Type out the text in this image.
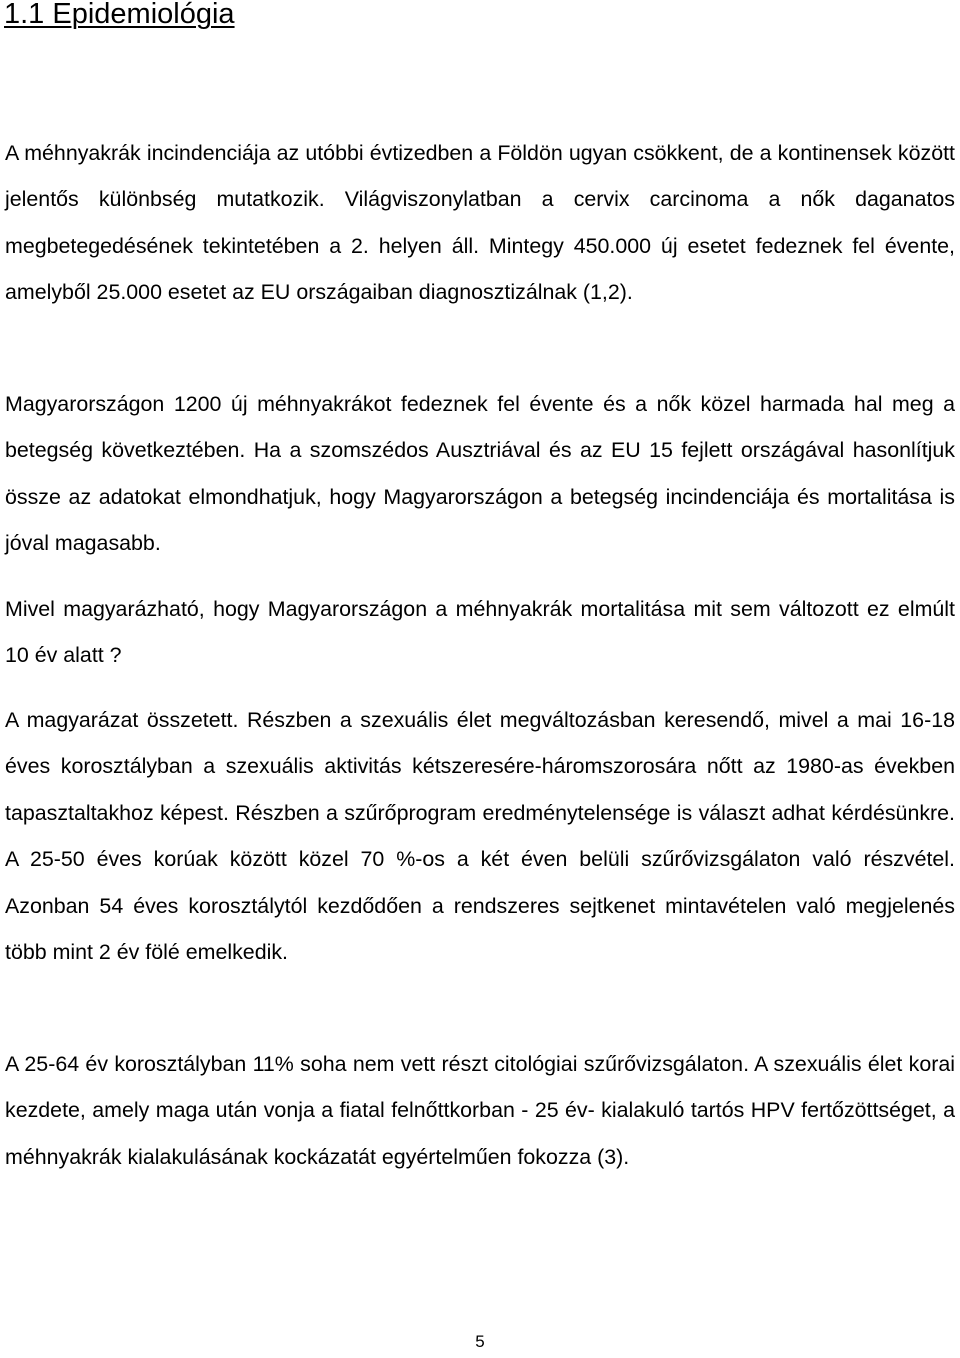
1.1 Epidemiológia

A méhnyakrák incindenciája az utóbbi évtizedben a Földön ugyan csökkent, de a kontinensek között jelentős különbség mutatkozik. Világviszonylatban a cervix carcinoma a nők daganatos megbetegedésének tekintetében a 2. helyen áll. Mintegy 450.000 új esetet fedeznek fel évente, amelyből 25.000 esetet az EU országaiban diagnosztizálnak (1,2).

Magyarországon 1200 új méhnyakrákot fedeznek fel évente és a nők közel harmada hal meg a betegség következtében. Ha a szomszédos Ausztriával és az EU 15 fejlett országával hasonlítjuk össze az adatokat elmondhatjuk, hogy Magyarországon a betegség incindenciája és mortalitása is jóval magasabb.

Mivel magyarázható, hogy Magyarországon a méhnyakrák mortalitása mit sem változott ez elmúlt 10 év alatt ?

A magyarázat összetett. Részben a szexuális élet megváltozásban keresendő, mivel a mai 16-18 éves korosztályban a szexuális aktivitás kétszeresére-háromszorosára nőtt az 1980-as években tapasztaltakhoz képest. Részben a szűrőprogram eredménytelensége is választ adhat kérdésünkre. A 25-50 éves korúak között közel 70 %-os a két éven belüli szűrővizsgálaton való részvétel. Azonban 54 éves korosztálytól kezdődően a rendszeres sejtkenet mintavételen való megjelenés több mint 2 év fölé emelkedik.

A 25-64 év korosztályban 11% soha nem vett részt citológiai szűrővizsgálaton. A szexuális élet korai kezdete, amely maga után vonja a fiatal felnőttkorban - 25 év- kialakuló tartós HPV fertőzöttséget, a méhnyakrák kialakulásának kockázatát egyértelműen fokozza (3).

5
